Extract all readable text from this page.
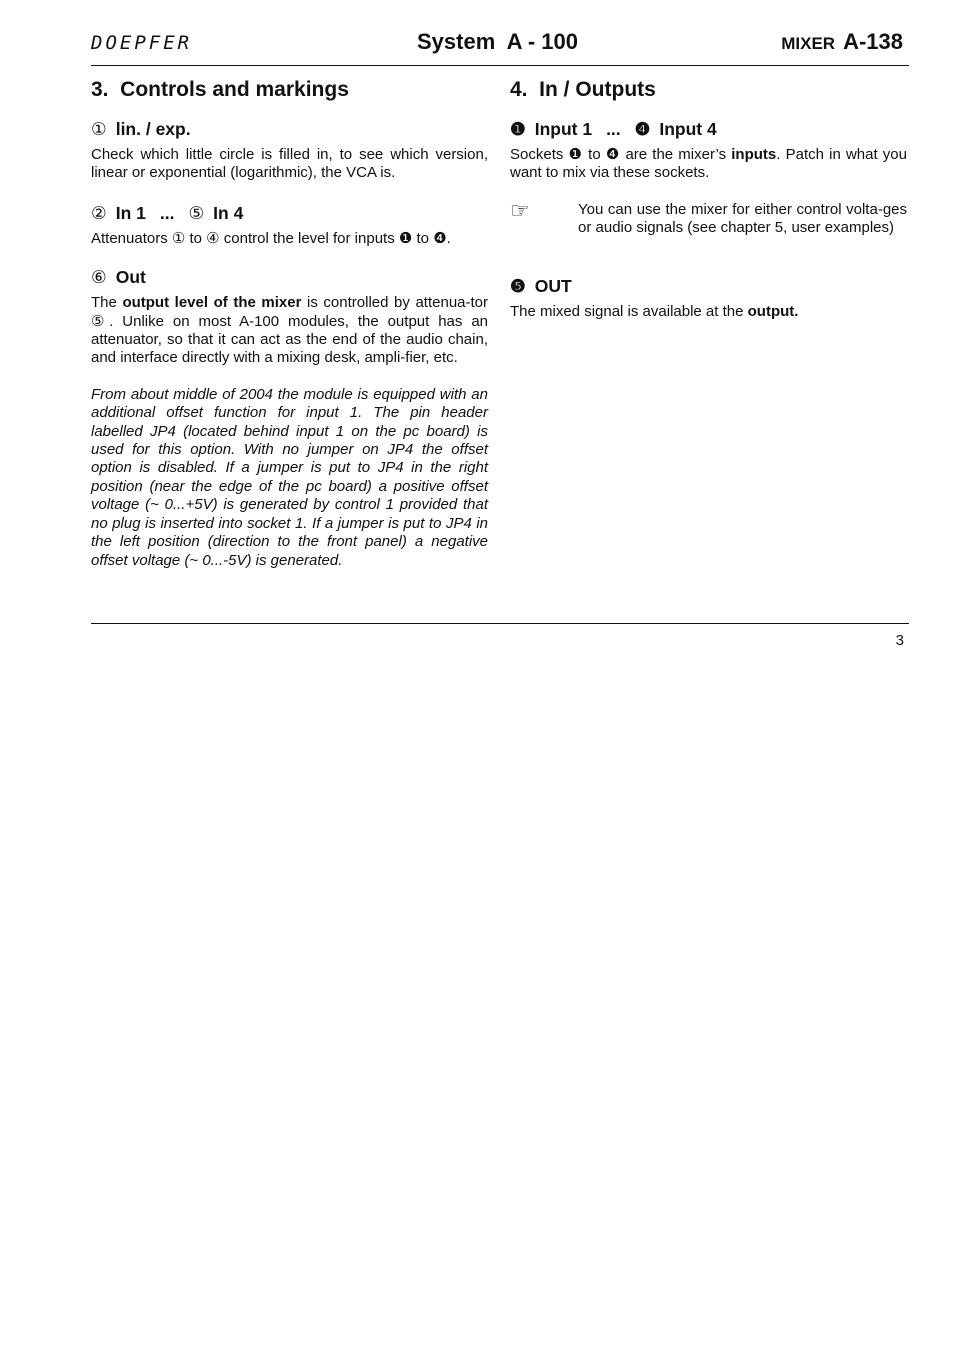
DOEPFER	System  A - 100	MIXER A-138
3.  Controls and markings
① lin. / exp.

Check which little circle is filled in, to see which version, linear or exponential (logarithmic), the VCA is.

② In 1 ... ⑤ In 4

Attenuators ① to ④ control the level for inputs ❶ to ❹.

⑥ Out

The output level of the mixer is controlled by attenua-tor ⑤. Unlike on most A-100 modules, the output has an attenuator, so that it can act as the end of the audio chain, and interface directly with a mixing desk, ampli-fier, etc.

From about middle of 2004 the module is equipped with an additional offset function for input 1. The pin header labelled JP4 (located behind input 1 on the pc board) is used for this option. With no jumper on JP4 the offset option is disabled. If a jumper is put to JP4 in the right position (near the edge of the pc board) a positive offset voltage (~ 0...+5V) is generated by control 1 provided that no plug is inserted into socket 1. If a jumper is put to JP4 in the left position (direction to the front panel) a negative offset voltage (~ 0...-5V) is generated.

4.  In / Outputs
❶ Input 1 ... ❹ Input 4

Sockets ❶ to ❹ are the mixer’s inputs. Patch in what you want to mix via these sockets.

☞	You can use the mixer for either control volta-ges or audio signals (see chapter 5, user examples)

❺ OUT

The mixed signal is available at the output.

3
